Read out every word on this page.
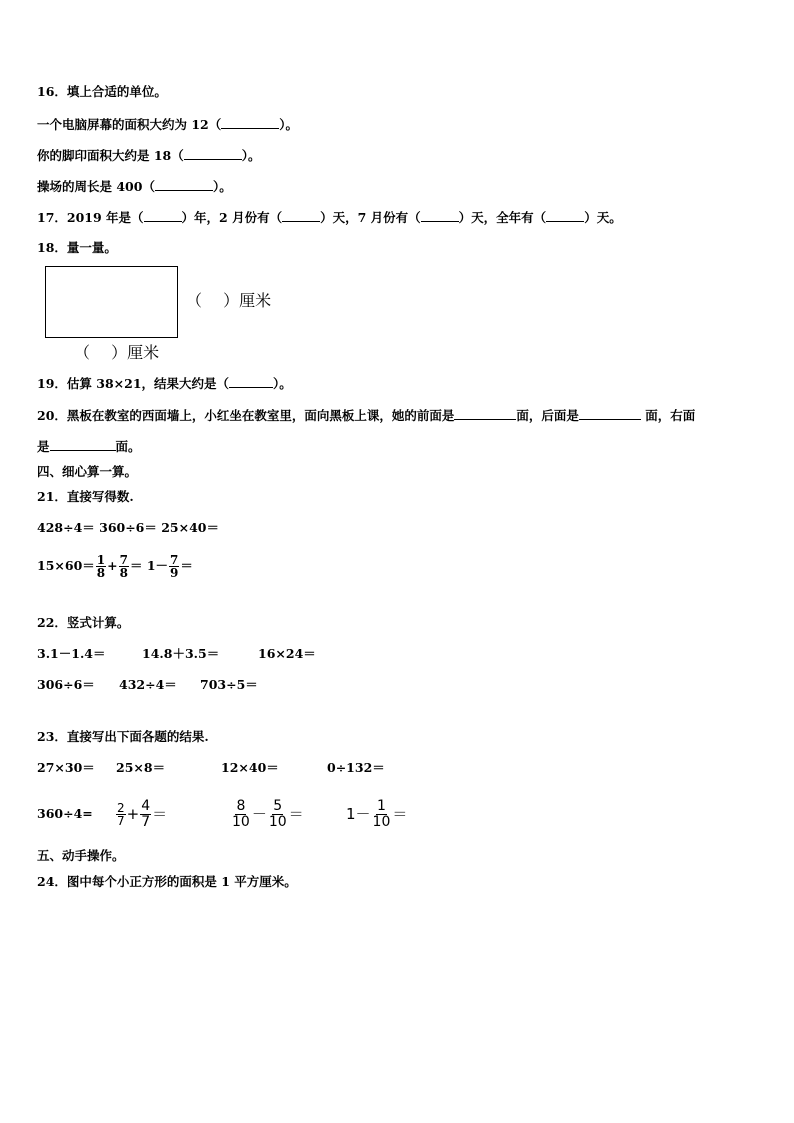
16．填上合适的单位。
一个电脑屏幕的面积大约为 12（	）。
你的脚印面积大约是 18（	）。
操场的周长是 400（	）。
17．2019 年是（	）年，2 月份有（	）天，7 月份有（	）天，全年有（	）天。
18．量一量。
（　 ）厘米
（　 ）厘米
19．估算 38×21，结果大约是（	）。
20．黑板在教室的西面墙上，小红坐在教室里，面向黑板上课，她的前面是	面，后面是	面，右面
是	面。
四、细心算一算。
21．直接写得数.
428÷4＝ 360÷6＝ 25×40＝
$15\times 60= \frac{1}{8} + \frac{7}{8} = 1- \frac{7}{9}$ ＝
22．竖式计算。
3.1－1.4＝	14.8＋3.5＝	16×24＝
306÷6＝ 432÷4＝ 703÷5＝
23．直接写出下面各题的结果.
27×30＝ 25×8＝	12×40＝	0÷132＝
$360\div 4= \frac{2}{7} + \frac{4}{7}$ ＝	$\frac{8}{10} - \frac{5}{10}$ ＝	$1- \frac{1}{10}$ ＝
五、动手操作。
24．图中每个小正方形的面积是 1 平方厘米。
